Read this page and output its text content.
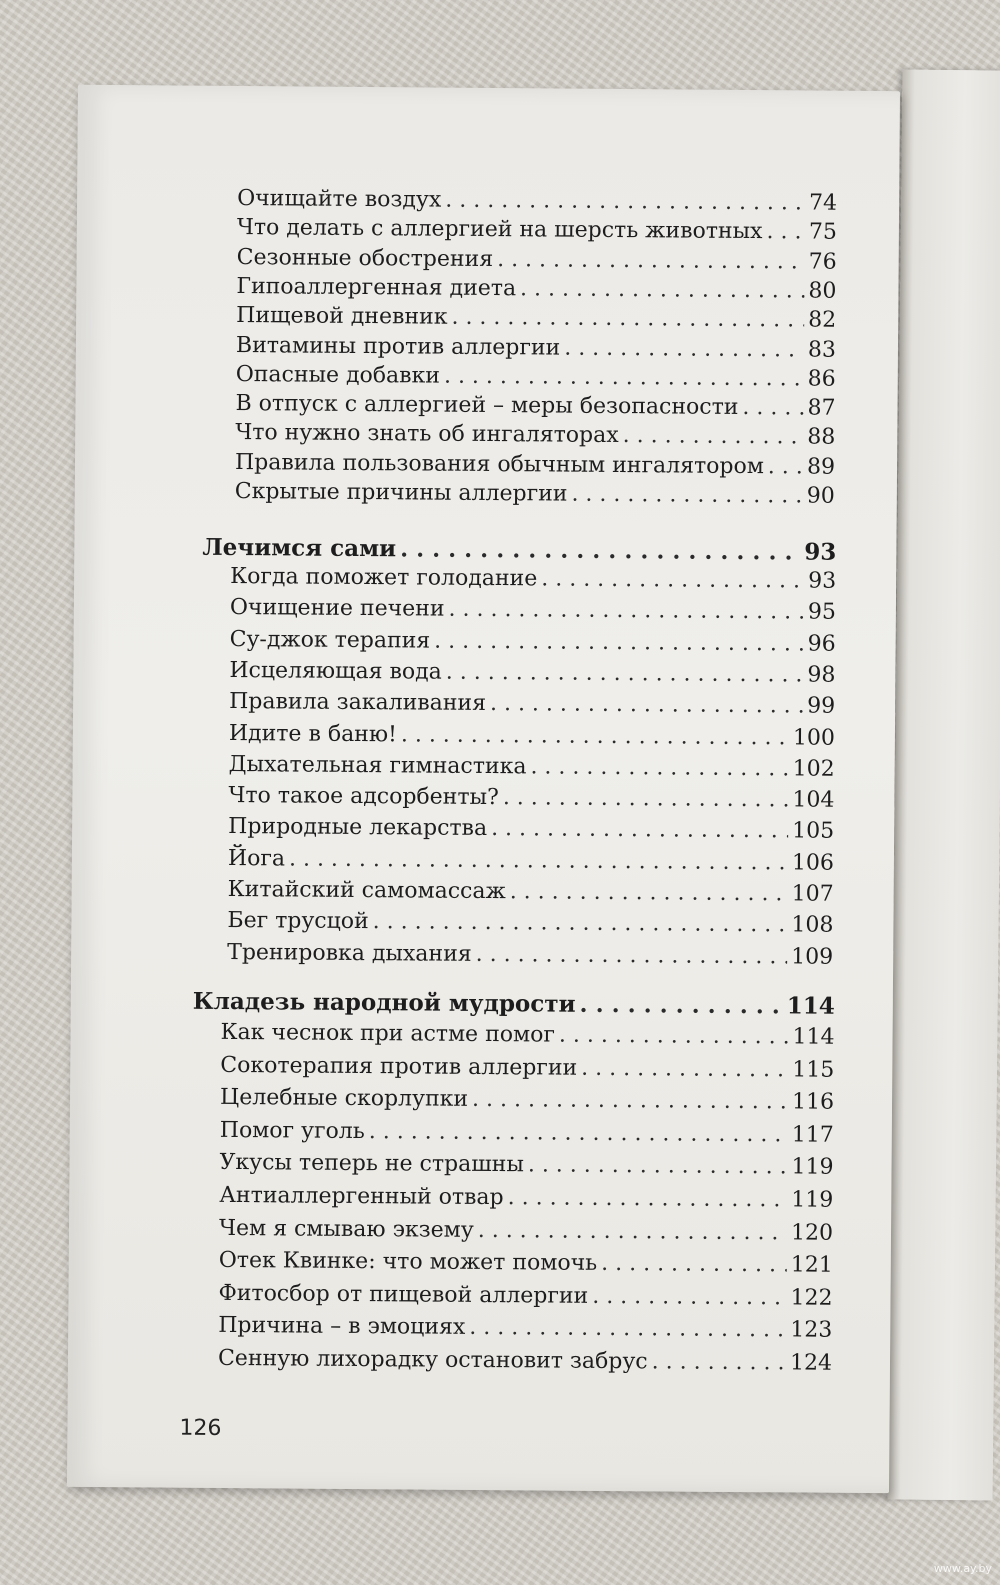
Очищайте воздух . . .	74
Что делать с аллергией на шерсть животных . . . 75
Сезонные обострения . . .	76
Гипоаллергенная диета . . .	80
Пищевой дневник . . .	82
Витамины против аллергии . . .	83
Опасные добавки . . .	86
В отпуск с аллергией – меры безопасности . . .	87
Что нужно знать об ингаляторах . . .	88
Правила пользования обычным ингалятором . . . 89
Скрытые причины аллергии . . .	90
Лечимся сами . . .	93
Когда поможет голодание . . .	93
Очищение печени . . .	95
Су-джок терапия . . .	96
Исцеляющая вода . . .	98
Правила закаливания . . .	99
Идите в баню! . . .	100
Дыхательная гимнастика . . .	102
Что такое адсорбенты? . . .	104
Природные лекарства . . .	105
Йога . . .	106
Китайский самомассаж . . .	107
Бег трусцой . . .	108
Тренировка дыхания . . .	109
Кладезь народной мудрости . . .	114
Как чеснок при астме помог . . .	114
Сокотерапия против аллергии . . .	115
Целебные скорлупки . . .	116
Помог уголь . . .	117
Укусы теперь не страшны . . .	119
Антиаллергенный отвар . . .	119
Чем я смываю экзему . . .	120
Отек Квинке: что может помочь . . .	121
Фитосбор от пищевой аллергии . . .	122
Причина – в эмоциях . . .	123
Сенную лихорадку остановит забрус . . .	124
126
www.ay.by
